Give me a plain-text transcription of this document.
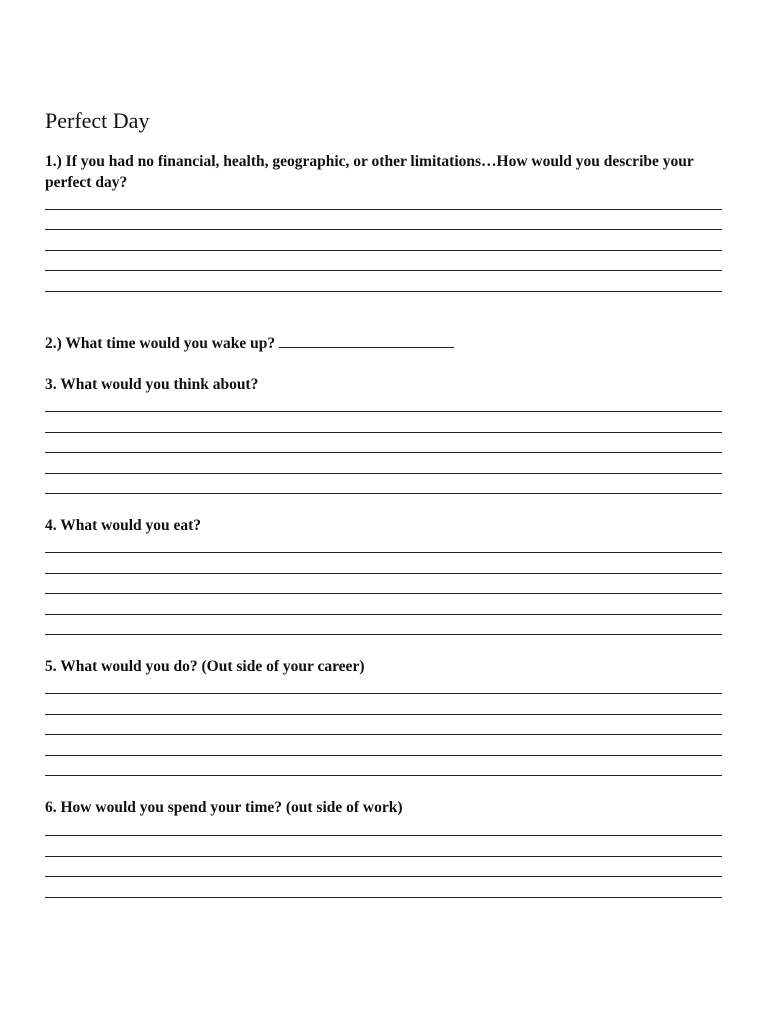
Perfect Day

1.) If you had no financial, health, geographic, or other limitations…How would you describe your perfect day?

2.) What time would you wake up?

3. What would you think about?

4. What would you eat?

5. What would you do? (Out side of your career)

6. How would you spend your time? (out side of work)
